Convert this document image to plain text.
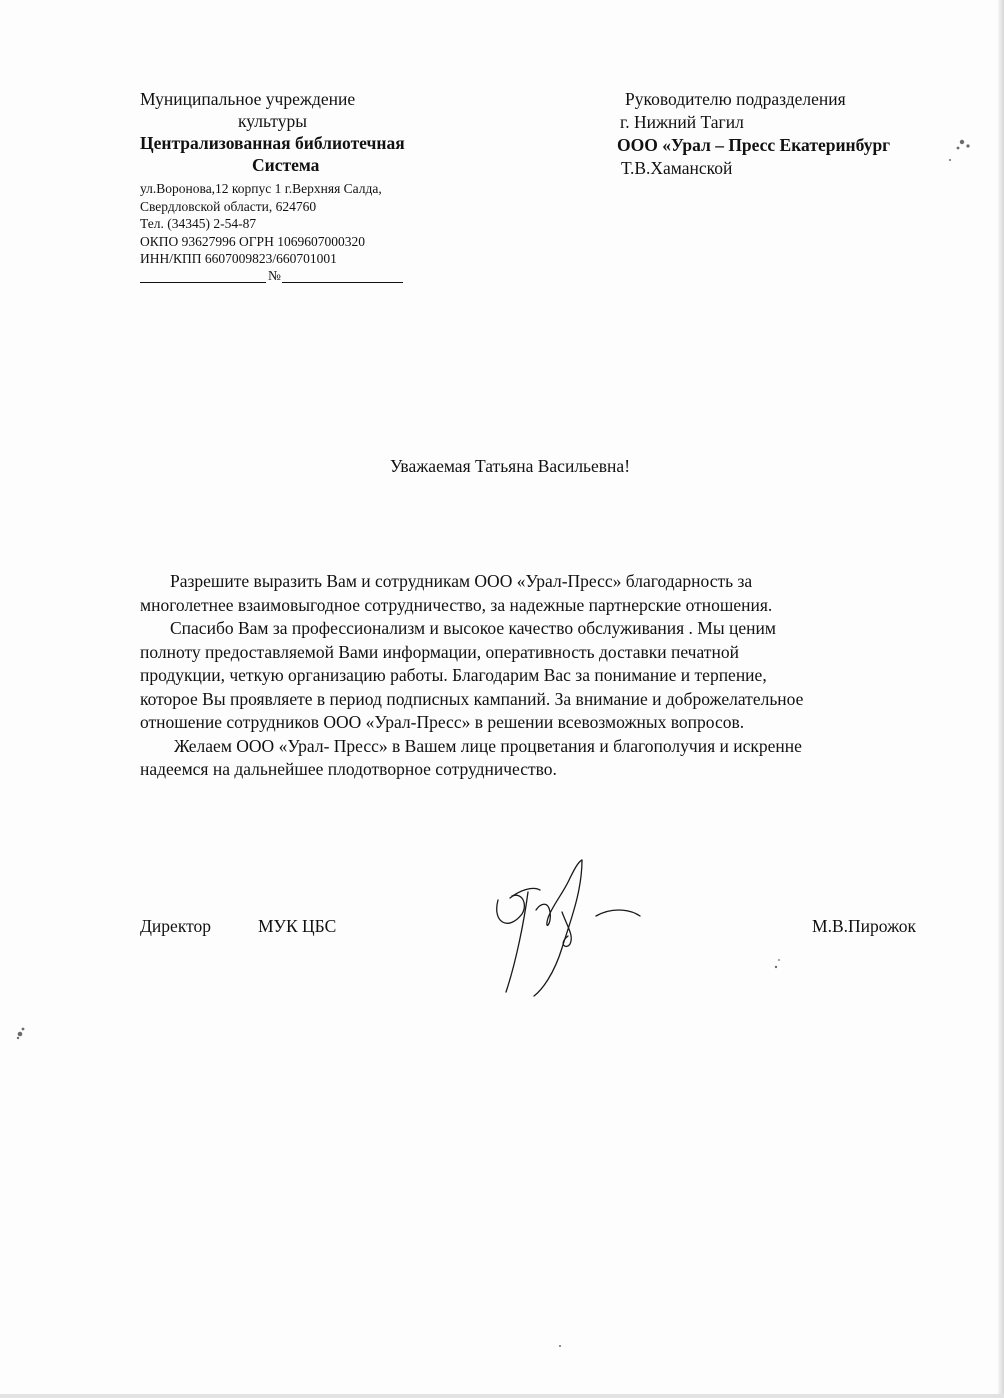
Муниципальное учреждение
культуры
Централизованная библиотечная
Система
ул.Воронова,12 корпус 1 г.Верхняя Салда,
Свердловской области, 624760
Тел. (34345) 2-54-87
ОКПО 93627996 ОГРН 1069607000320
ИНН/КПП 6607009823/660701001
№
Руководителю подразделения
г. Нижний Тагил
ООО «Урал – Пресс Екатеринбург
Т.В.Хаманской
Уважаемая Татьяна Васильевна!
Разрешите выразить Вам и сотрудникам ООО «Урал-Пресс» благодарность за
многолетнее взаимовыгодное сотрудничество, за надежные партнерские отношения.
Спасибо Вам за профессионализм и высокое качество обслуживания . Мы ценим
полноту предоставляемой Вами информации, оперативность доставки печатной
продукции, четкую организацию работы. Благодарим Вас за понимание и терпение,
которое Вы проявляете в период подписных кампаний. За внимание и доброжелательное
отношение сотрудников ООО «Урал-Пресс» в решении всевозможных вопросов.
Желаем ООО «Урал- Пресс» в Вашем лице процветания и благополучия и искренне
надеемся на дальнейшее плодотворное сотрудничество.
Директор	МУК ЦБС	М.В.Пирожок
